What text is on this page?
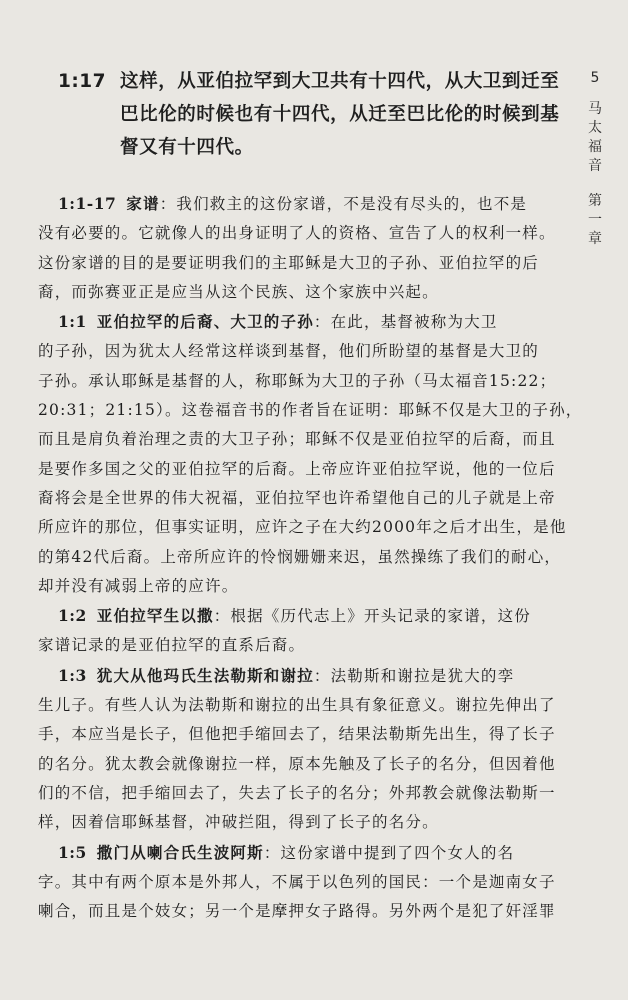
5
马
太
福
音
第
一
章
1:17 这样，从亚伯拉罕到大卫共有十四代，从大卫到迁至
巴比伦的时候也有十四代，从迁至巴比伦的时候到基
督又有十四代。
1:1-17 家谱：我们救主的这份家谱，不是没有尽头的，也不是
没有必要的。它就像人的出身证明了人的资格、宣告了人的权利一样。
这份家谱的目的是要证明我们的主耶稣是大卫的子孙、亚伯拉罕的后
裔，而弥赛亚正是应当从这个民族、这个家族中兴起。
1:1 亚伯拉罕的后裔、大卫的子孙：在此，基督被称为大卫
的子孙，因为犹太人经常这样谈到基督，他们所盼望的基督是大卫的
子孙。承认耶稣是基督的人，称耶稣为大卫的子孙（马太福音15:22；
20:31；21:15）。这卷福音书的作者旨在证明：耶稣不仅是大卫的子孙，
而且是肩负着治理之责的大卫子孙；耶稣不仅是亚伯拉罕的后裔，而且
是要作多国之父的亚伯拉罕的后裔。上帝应许亚伯拉罕说，他的一位后
裔将会是全世界的伟大祝福，亚伯拉罕也许希望他自己的儿子就是上帝
所应许的那位，但事实证明，应许之子在大约2000年之后才出生，是他
的第42代后裔。上帝所应许的怜悯姗姗来迟，虽然操练了我们的耐心，
却并没有减弱上帝的应许。
1:2 亚伯拉罕生以撒：根据《历代志上》开头记录的家谱，这份
家谱记录的是亚伯拉罕的直系后裔。
1:3 犹大从他玛氏生法勒斯和谢拉：法勒斯和谢拉是犹大的孪
生儿子。有些人认为法勒斯和谢拉的出生具有象征意义。谢拉先伸出了
手，本应当是长子，但他把手缩回去了，结果法勒斯先出生，得了长子
的名分。犹太教会就像谢拉一样，原本先触及了长子的名分，但因着他
们的不信，把手缩回去了，失去了长子的名分；外邦教会就像法勒斯一
样，因着信耶稣基督，冲破拦阻，得到了长子的名分。
1:5 撒门从喇合氏生波阿斯：这份家谱中提到了四个女人的名
字。其中有两个原本是外邦人，不属于以色列的国民：一个是迦南女子
喇合，而且是个妓女；另一个是摩押女子路得。另外两个是犯了奸淫罪
